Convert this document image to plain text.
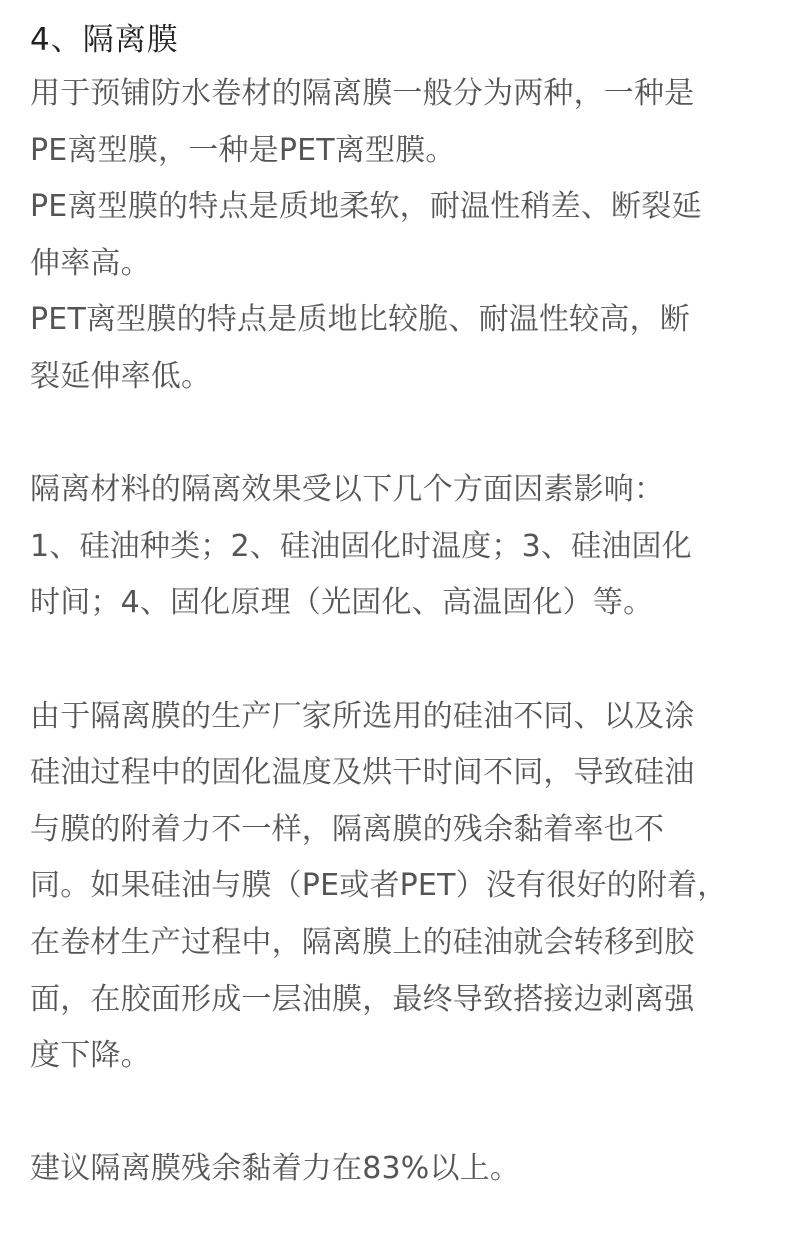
4、隔离膜

用于预铺防水卷材的隔离膜一般分为两种，一种是
PE离型膜，一种是PET离型膜。
PE离型膜的特点是质地柔软，耐温性稍差、断裂延
伸率高。
PET离型膜的特点是质地比较脆、耐温性较高，断
裂延伸率低。

隔离材料的隔离效果受以下几个方面因素影响：
1、硅油种类；2、硅油固化时温度；3、硅油固化
时间；4、固化原理（光固化、高温固化）等。

由于隔离膜的生产厂家所选用的硅油不同、以及涂
硅油过程中的固化温度及烘干时间不同，导致硅油
与膜的附着力不一样，隔离膜的残余黏着率也不
同。如果硅油与膜（PE或者PET）没有很好的附着，
在卷材生产过程中，隔离膜上的硅油就会转移到胶
面，在胶面形成一层油膜，最终导致搭接边剥离强
度下降。

建议隔离膜残余黏着力在83%以上。
